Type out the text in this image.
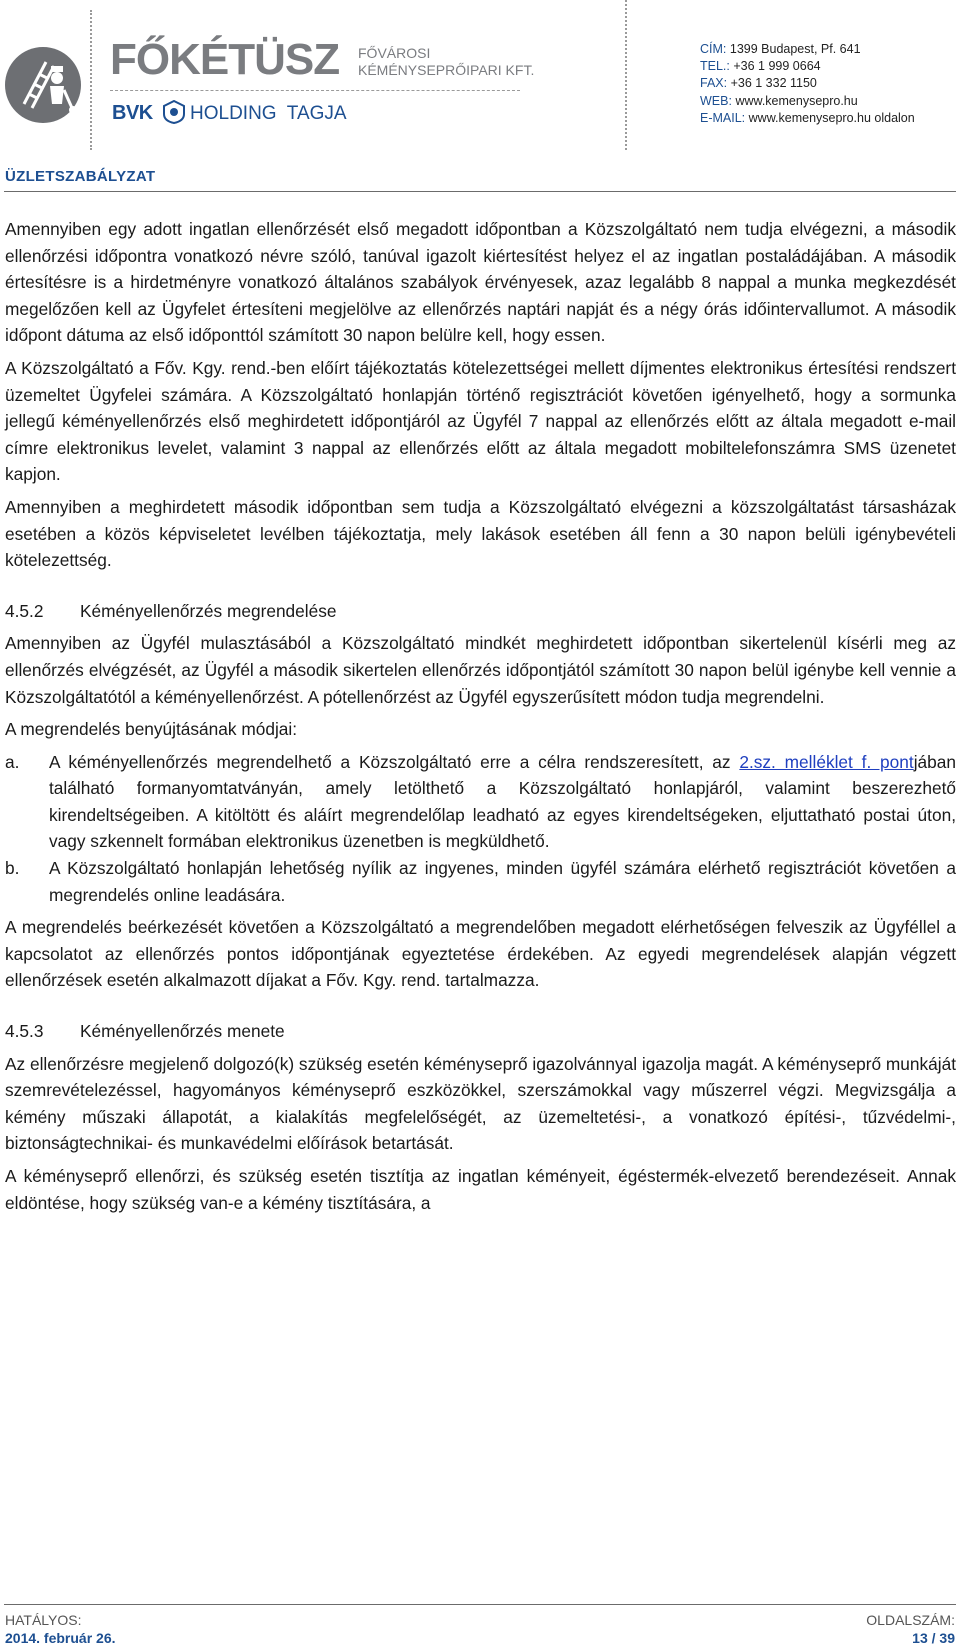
FŐKÉTÜSZ FŐVÁROSI
KÉMÉNYSEPRŐIPARI KFT.
BVK HOLDING  TAGJA
CÍM: 1399 Budapest, Pf. 641
TEL.: +36 1 999 0664
FAX: +36 1 332 1150
WEB: www.kemenysepro.hu
E-MAIL: www.kemenysepro.hu oldalon
ÜZLETSZABÁLYZAT

Amennyiben egy adott ingatlan ellenőrzését első megadott időpontban a Közszolgáltató nem tudja elvégezni, a második ellenőrzési időpontra vonatkozó névre szóló, tanúval igazolt kiértesítést helyez el az ingatlan postaládájában. A második értesítésre is a hirdetményre vonatkozó általános szabályok érvényesek, azaz legalább 8 nappal a munka megkezdését megelőzően kell az Ügyfelet értesíteni megjelölve az ellenőrzés naptári napját és a négy órás időintervallumot. A második időpont dátuma az első időponttól számított 30 napon belülre kell, hogy essen.

A Közszolgáltató a Főv. Kgy. rend.-ben előírt tájékoztatás kötelezettségei mellett díjmentes elektronikus értesítési rendszert üzemeltet Ügyfelei számára. A Közszolgáltató honlapján történő regisztrációt követően igényelhető, hogy a sormunka jellegű kéményellenőrzés első meghirdetett időpontjáról az Ügyfél 7 nappal az ellenőrzés előtt az általa megadott e-mail címre elektronikus levelet, valamint 3 nappal az ellenőrzés előtt az általa megadott mobiltelefonszámra SMS üzenetet kapjon.

Amennyiben a meghirdetett második időpontban sem tudja a Közszolgáltató elvégezni a közszolgáltatást társasházak esetében a közös képviseletet levélben tájékoztatja, mely lakások esetében áll fenn a 30 napon belüli igénybevételi kötelezettség.

4.5.2 Kéményellenőrzés megrendelése

Amennyiben az Ügyfél mulasztásából a Közszolgáltató mindkét meghirdetett időpontban sikertelenül kísérli meg az ellenőrzés elvégzését, az Ügyfél a második sikertelen ellenőrzés időpontjától számított 30 napon belül igénybe kell vennie a Közszolgáltatótól a kéményellenőrzést. A pótellenőrzést az Ügyfél egyszerűsített módon tudja megrendelni.

A megrendelés benyújtásának módjai:

a. A kéményellenőrzés megrendelhető a Közszolgáltató erre a célra rendszeresített, az 2.sz. melléklet f. pontjában található formanyomtatványán, amely letölthető a Közszolgáltató honlapjáról, valamint beszerezhető kirendeltségeiben. A kitöltött és aláírt megrendelőlap leadható az egyes kirendeltségeken, eljuttatható postai úton, vagy szkennelt formában elektronikus üzenetben is megküldhető.
b. A Közszolgáltató honlapján lehetőség nyílik az ingyenes, minden ügyfél számára elérhető regisztrációt követően a megrendelés online leadására.

A megrendelés beérkezését követően a Közszolgáltató a megrendelőben megadott elérhetőségen felveszik az Ügyféllel a kapcsolatot az ellenőrzés pontos időpontjának egyeztetése érdekében. Az egyedi megrendelések alapján végzett ellenőrzések esetén alkalmazott díjakat a Főv. Kgy. rend. tartalmazza.

4.5.3 Kéményellenőrzés menete

Az ellenőrzésre megjelenő dolgozó(k) szükség esetén kéményseprő igazolvánnyal igazolja magát. A kéményseprő munkáját szemrevételezéssel, hagyományos kéményseprő eszközökkel, szerszámokkal vagy műszerrel végzi. Megvizsgálja a kémény műszaki állapotát, a kialakítás megfelelőségét, az üzemeltetési-, a vonatkozó építési-, tűzvédelmi-, biztonságtechnikai- és munkavédelmi előírások betartását.

A kéményseprő ellenőrzi, és szükség esetén tisztítja az ingatlan kéményeit, égéstermék-elvezető berendezéseit. Annak eldöntése, hogy szükség van-e a kémény tisztítására, a

HATÁLYOS:
2014. február 26.
OLDALSZÁM:
13 / 39
